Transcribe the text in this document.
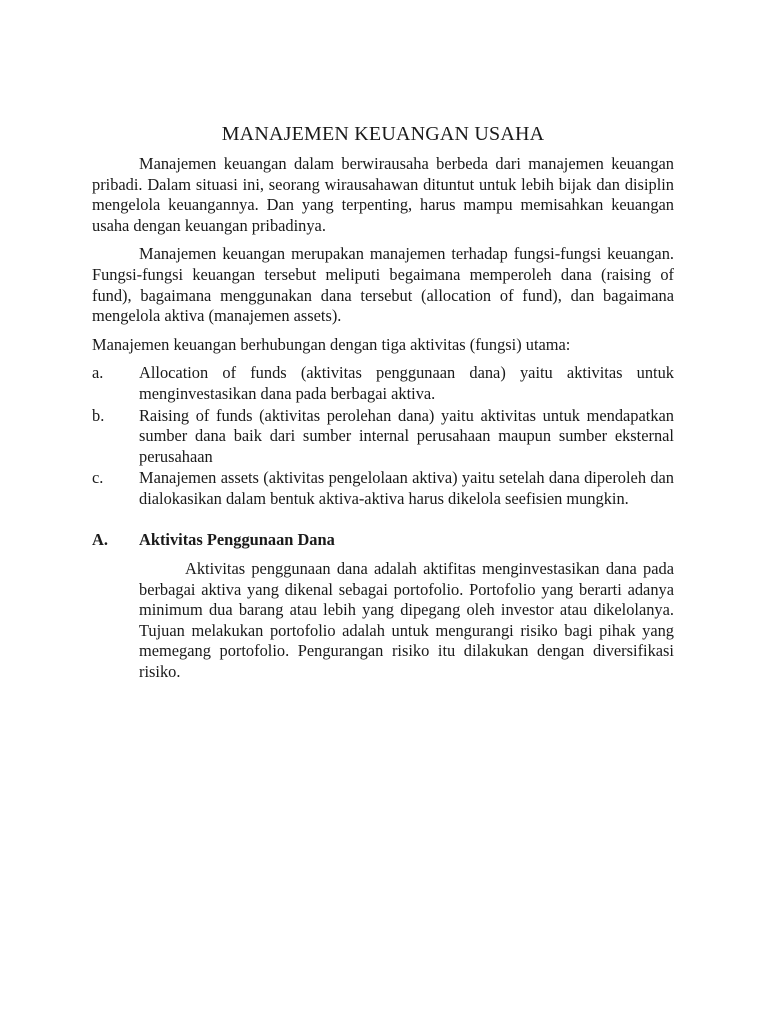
MANAJEMEN KEUANGAN USAHA

Manajemen keuangan dalam berwirausaha berbeda dari manajemen keuangan pribadi. Dalam situasi ini, seorang wirausahawan dituntut untuk lebih bijak dan disiplin mengelola keuangannya. Dan yang terpenting, harus mampu memisahkan keuangan usaha dengan keuangan pribadinya.

Manajemen keuangan merupakan manajemen terhadap fungsi-fungsi keuangan. Fungsi-fungsi keuangan tersebut meliputi begaimana memperoleh dana (raising of fund), bagaimana menggunakan dana tersebut (allocation of fund), dan bagaimana mengelola aktiva (manajemen assets).

Manajemen keuangan berhubungan dengan tiga aktivitas (fungsi) utama:

a.	Allocation of funds (aktivitas penggunaan dana) yaitu aktivitas untuk menginvestasikan dana pada berbagai aktiva.
b.	Raising of funds (aktivitas perolehan dana) yaitu aktivitas untuk mendapatkan sumber dana baik dari sumber internal perusahaan maupun sumber eksternal perusahaan
c.	Manajemen assets (aktivitas pengelolaan aktiva) yaitu setelah dana diperoleh dan dialokasikan dalam bentuk aktiva-aktiva harus dikelola seefisien mungkin.
A.	Aktivitas Penggunaan Dana

Aktivitas penggunaan dana adalah aktifitas menginvestasikan dana pada berbagai aktiva yang dikenal sebagai portofolio. Portofolio yang berarti adanya minimum dua barang atau lebih yang dipegang oleh investor atau dikelolanya. Tujuan melakukan portofolio adalah untuk mengurangi risiko bagi pihak yang memegang portofolio. Pengurangan risiko itu dilakukan dengan diversifikasi risiko.
